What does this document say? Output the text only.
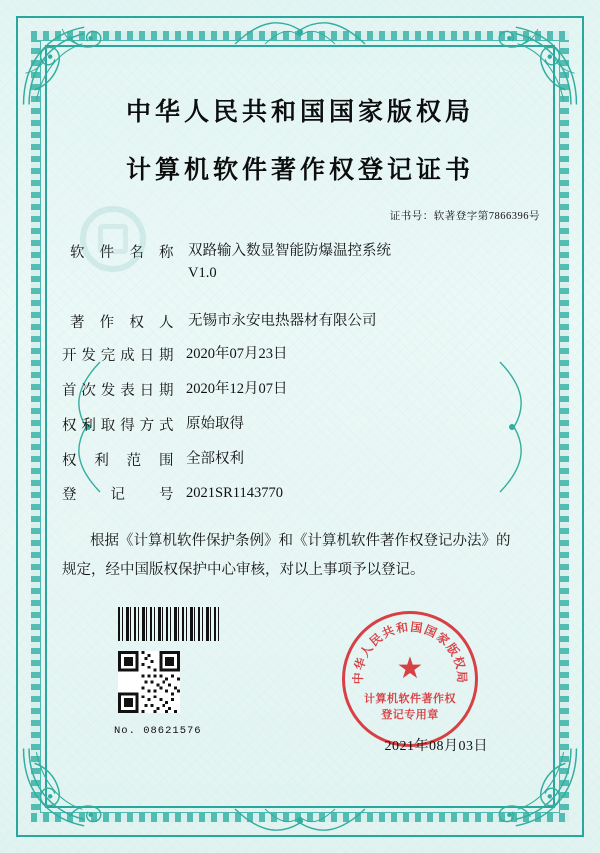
中华人民共和国国家版权局
计算机软件著作权登记证书
证书号：软著登字第7866396号
软件名称 双路输入数显智能防爆温控系统
V1.0
著作权人 无锡市永安电热器材有限公司
开发完成日期 2020年07月23日
首次发表日期 2020年12月07日
权利取得方式 原始取得
权利范围 全部权利
登记号 2021SR1143770
根据《计算机软件保护条例》和《计算机软件著作权登记办法》的
规定，经中国版权保护中心审核，对以上事项予以登记。
No. 08621576
中华人民共和国国家版权局
★
计算机软件著作权
登记专用章
2021年08月03日
